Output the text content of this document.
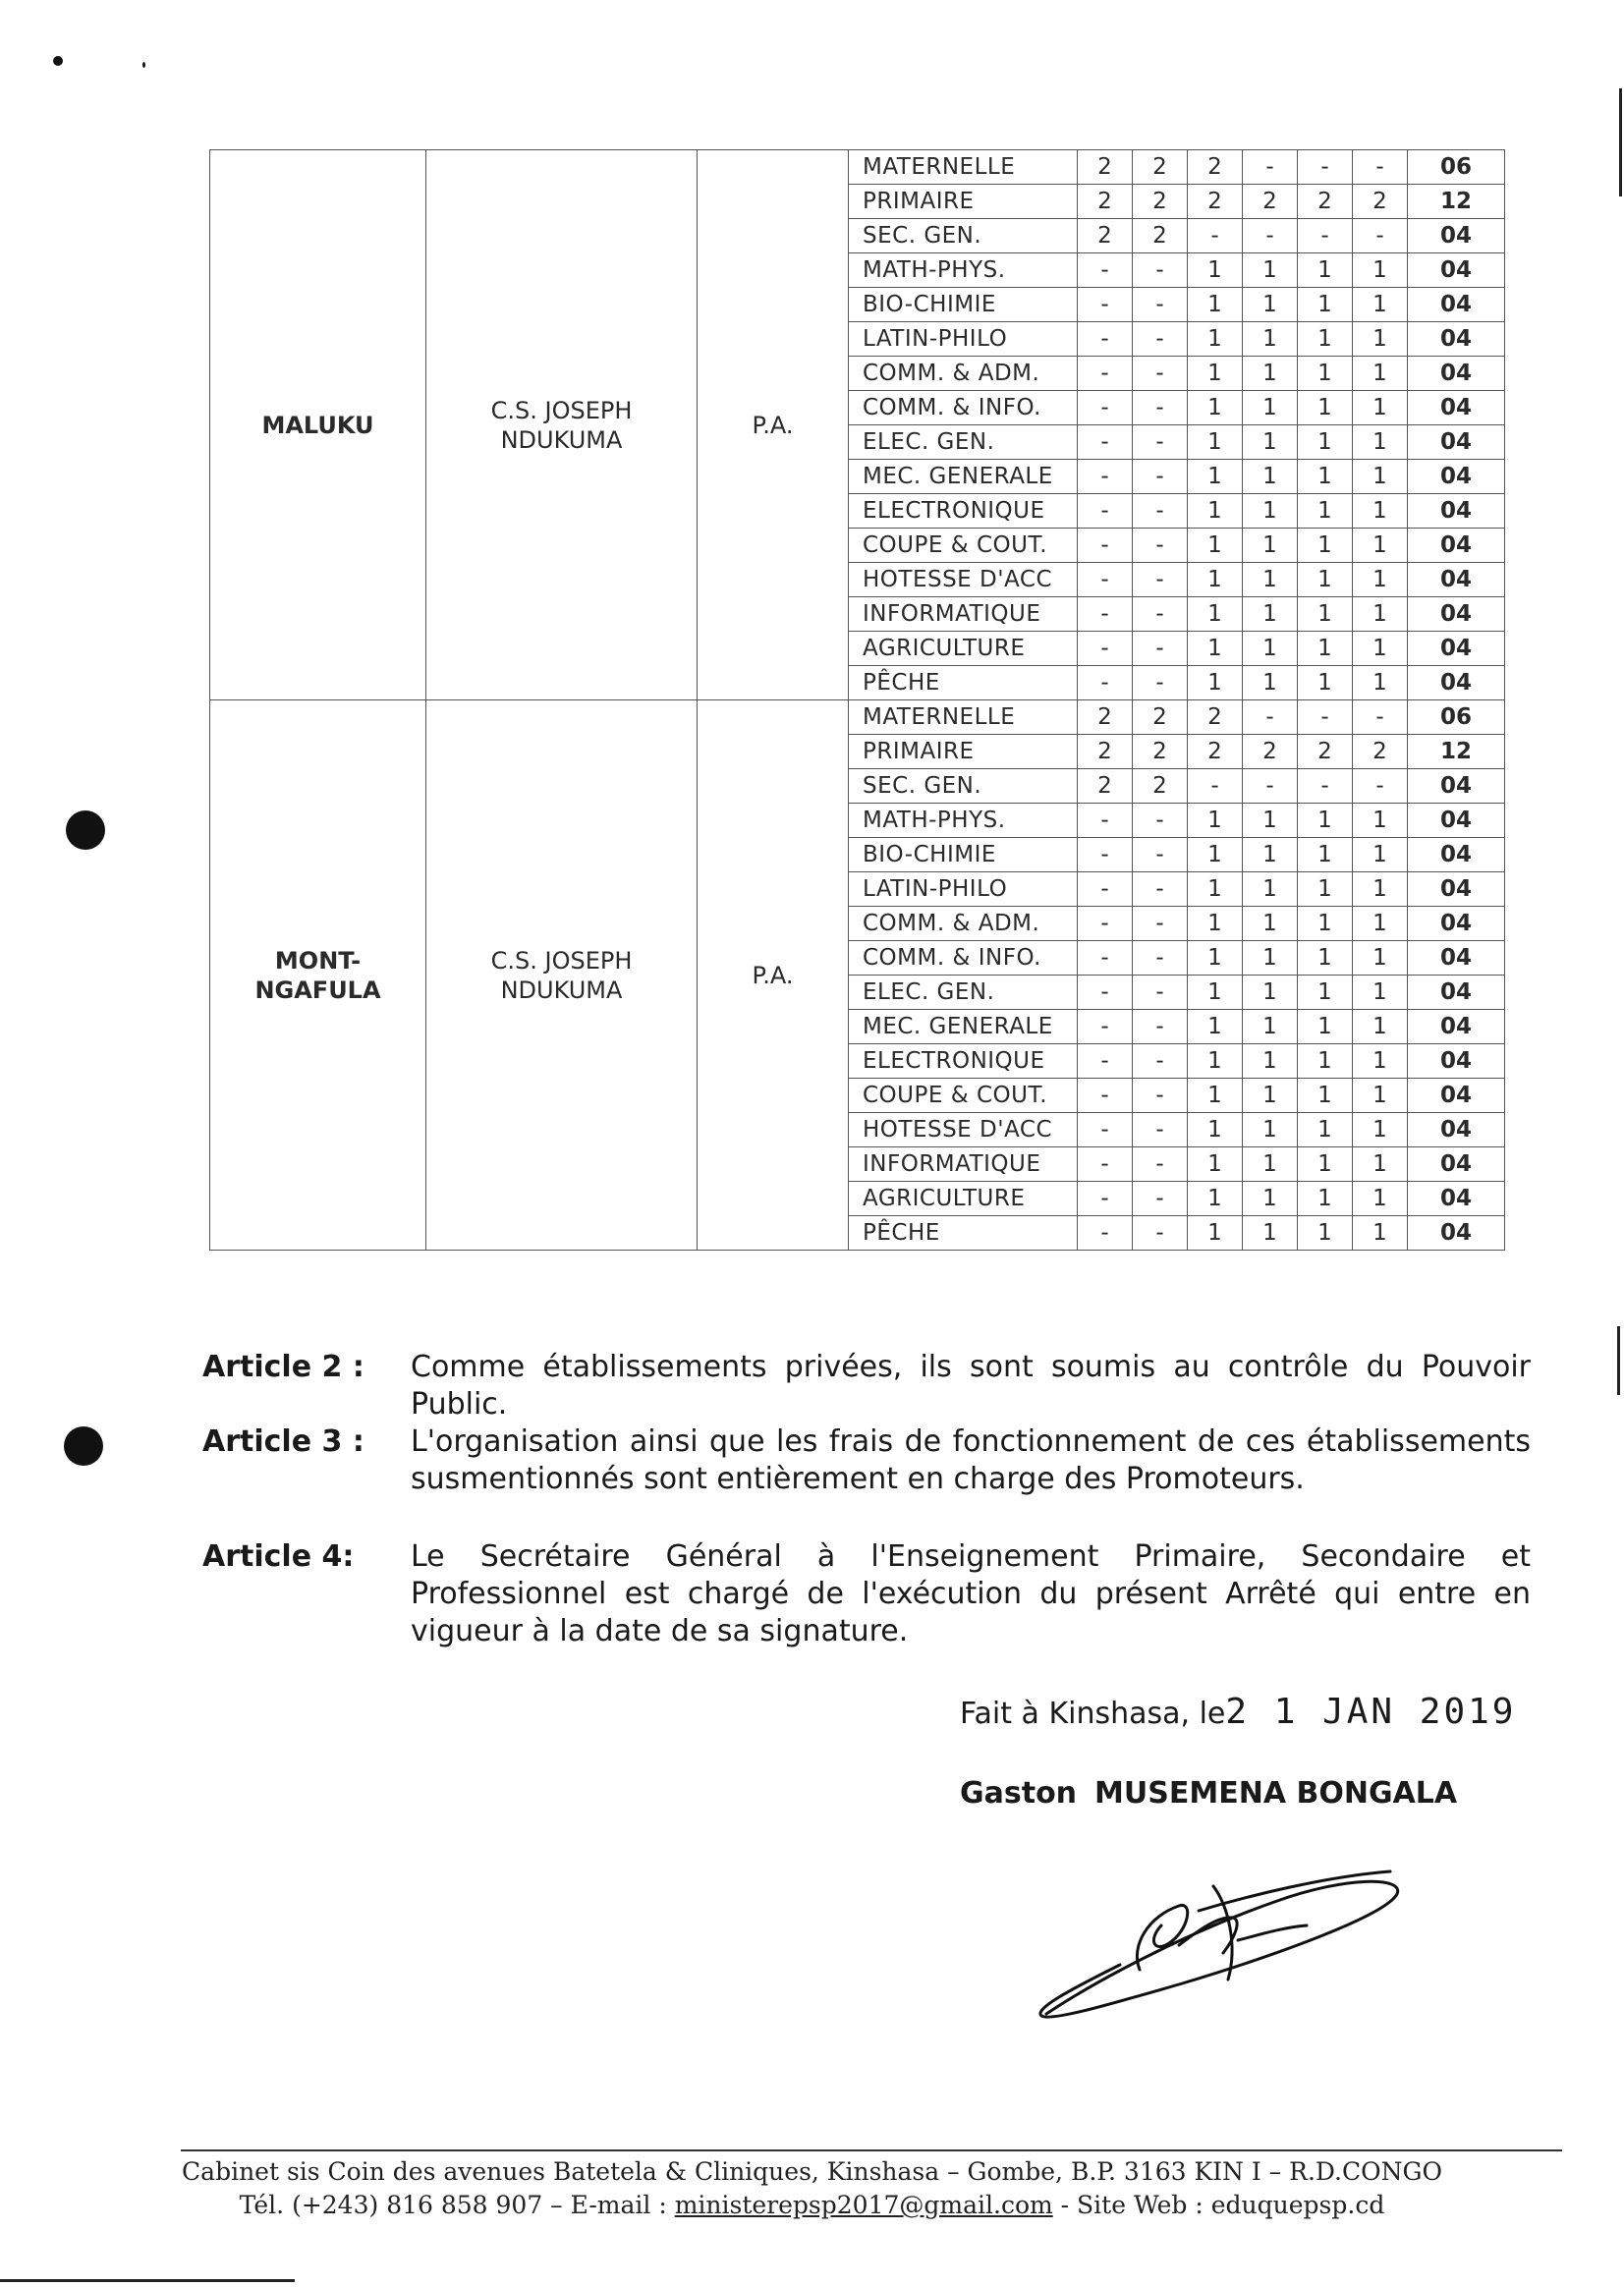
MALUKU	C.S. JOSEPH NDUKUMA	P.A.	MATERNELLE	2	2	2	-	-	-	06
			PRIMAIRE	2	2	2	2	2	2	12
			SEC. GEN.	2	2	-	-	-	-	04
			MATH-PHYS.	-	-	1	1	1	1	04
			BIO-CHIMIE	-	-	1	1	1	1	04
			LATIN-PHILO	-	-	1	1	1	1	04
			COMM. & ADM.	-	-	1	1	1	1	04
			COMM. & INFO.	-	-	1	1	1	1	04
			ELEC. GEN.	-	-	1	1	1	1	04
			MEC. GENERALE	-	-	1	1	1	1	04
			ELECTRONIQUE	-	-	1	1	1	1	04
			COUPE & COUT.	-	-	1	1	1	1	04
			HOTESSE D'ACC	-	-	1	1	1	1	04
			INFORMATIQUE	-	-	1	1	1	1	04
			AGRICULTURE	-	-	1	1	1	1	04
			PÊCHE	-	-	1	1	1	1	04
MONT-NGAFULA	C.S. JOSEPH NDUKUMA	P.A.	MATERNELLE	2	2	2	-	-	-	06
			PRIMAIRE	2	2	2	2	2	2	12
			SEC. GEN.	2	2	-	-	-	-	04
			MATH-PHYS.	-	-	1	1	1	1	04
			BIO-CHIMIE	-	-	1	1	1	1	04
			LATIN-PHILO	-	-	1	1	1	1	04
			COMM. & ADM.	-	-	1	1	1	1	04
			COMM. & INFO.	-	-	1	1	1	1	04
			ELEC. GEN.	-	-	1	1	1	1	04
			MEC. GENERALE	-	-	1	1	1	1	04
			ELECTRONIQUE	-	-	1	1	1	1	04
			COUPE & COUT.	-	-	1	1	1	1	04
			HOTESSE D'ACC	-	-	1	1	1	1	04
			INFORMATIQUE	-	-	1	1	1	1	04
			AGRICULTURE	-	-	1	1	1	1	04
			PÊCHE	-	-	1	1	1	1	04
Article 2 : Comme établissements privées, ils sont soumis au contrôle du Pouvoir Public.
Article 3 : L'organisation ainsi que les frais de fonctionnement de ces établissements susmentionnés sont entièrement en charge des Promoteurs.
Article 4: Le Secrétaire Général à l'Enseignement Primaire, Secondaire et Professionnel est chargé de l'exécution du présent Arrêté qui entre en vigueur à la date de sa signature.
Fait à Kinshasa, le2 1 JAN 2019
Gaston MUSEMENA BONGALA
Cabinet sis Coin des avenues Batetela & Cliniques, Kinshasa – Gombe, B.P. 3163 KIN I – R.D.CONGO
Tél. (+243) 816 858 907 – E-mail : ministerepsp2017@gmail.com - Site Web : eduquepsp.cd
